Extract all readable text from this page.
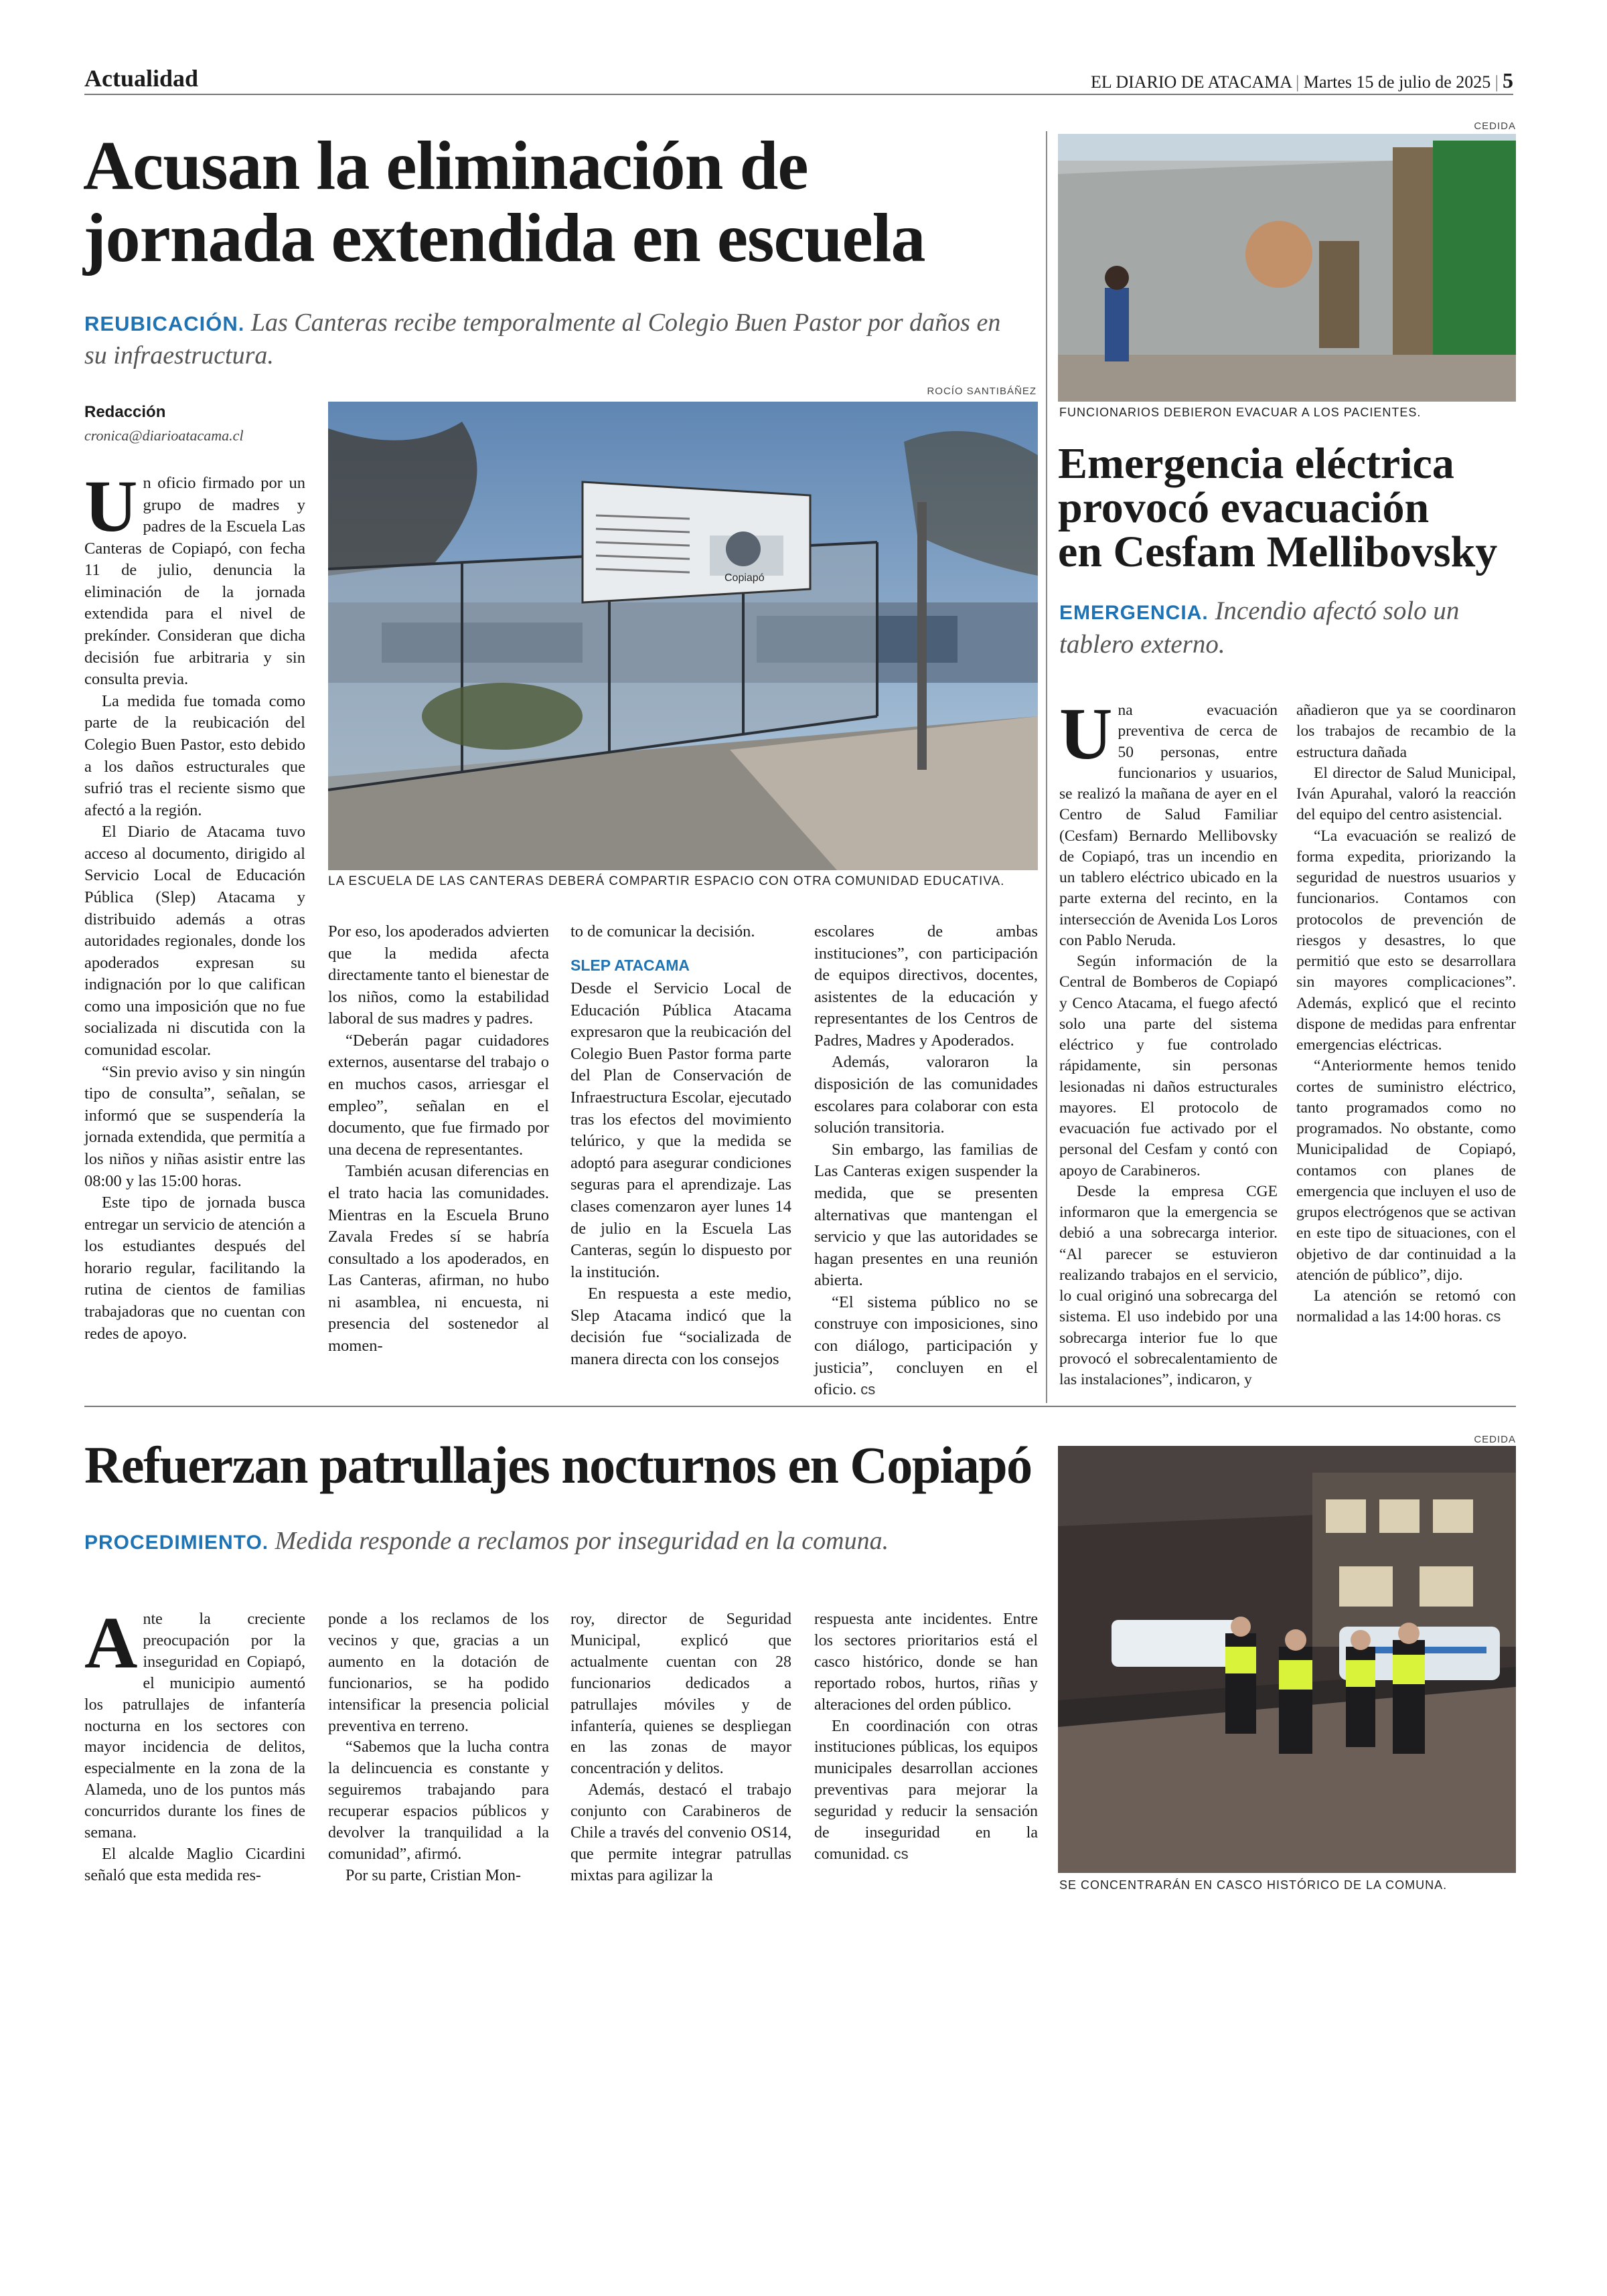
Actualidad	EL DIARIO DE ATACAMA | Martes 15 de julio de 2025 | 5
Acusan la eliminación de
jornada extendida en escuela
REUBICACIÓN. Las Canteras recibe temporalmente al Colegio Buen Pastor por daños en su infraestructura.
Redacción
cronica@diarioatacama.cl
ROCÍO SANTIBÁÑEZ
Copiapó
LA ESCUELA DE LAS CANTERAS DEBERÁ COMPARTIR ESPACIO CON OTRA COMUNIDAD EDUCATIVA.

Un oficio firmado por un grupo de madres y padres de la Escuela Las Canteras de Copiapó, con fecha 11 de julio, denuncia la eliminación de la jornada extendida para el nivel de prekínder. Consideran que dicha decisión fue arbitraria y sin consulta previa.

La medida fue tomada como parte de la reubicación del Colegio Buen Pastor, esto debido a los daños estructurales que sufrió tras el reciente sismo que afectó a la región.

El Diario de Atacama tuvo acceso al documento, dirigido al Servicio Local de Educación Pública (Slep) Atacama y distribuido además a otras autoridades regionales, donde los apoderados expresan su indignación por lo que califican como una imposición que no fue socializada ni discutida con la comunidad escolar.

“Sin previo aviso y sin ningún tipo de consulta”, señalan, se informó que se suspendería la jornada extendida, que permitía a los niños y niñas asistir entre las 08:00 y las 15:00 horas.

Este tipo de jornada busca entregar un servicio de atención a los estudiantes después del horario regular, facilitando la rutina de cientos de familias trabajadoras que no cuentan con redes de apoyo.

Por eso, los apoderados advierten que la medida afecta directamente tanto el bienestar de los niños, como la estabilidad laboral de sus madres y padres.

“Deberán pagar cuidadores externos, ausentarse del trabajo o en muchos casos, arriesgar el empleo”, señalan en el documento, que fue firmado por una decena de representantes.

También acusan diferencias en el trato hacia las comunidades. Mientras en la Escuela Bruno Zavala Fredes sí se habría consultado a los apoderados, en Las Canteras, afirman, no hubo ni asamblea, ni encuesta, ni presencia del sostenedor al momen-

to de comunicar la decisión.

SLEP ATACAMA

Desde el Servicio Local de Educación Pública Atacama expresaron que la reubicación del Colegio Buen Pastor forma parte del Plan de Conservación de Infraestructura Escolar, ejecutado tras los efectos del movimiento telúrico, y que la medida se adoptó para asegurar condiciones seguras para el aprendizaje. Las clases comenzaron ayer lunes 14 de julio en la Escuela Las Canteras, según lo dispuesto por la institución.

En respuesta a este medio, Slep Atacama indicó que la decisión fue “socializada de manera directa con los consejos

escolares de ambas instituciones”, con participación de equipos directivos, docentes, asistentes de la educación y representantes de los Centros de Padres, Madres y Apoderados.

Además, valoraron la disposición de las comunidades escolares para colaborar con esta solución transitoria.

Sin embargo, las familias de Las Canteras exigen suspender la medida, que se presenten alternativas que mantengan el servicio y que las autoridades se hagan presentes en una reunión abierta.

“El sistema público no se construye con imposiciones, sino con diálogo, participación y justicia”, concluyen en el oficio. cs

CEDIDA
FUNCIONARIOS DEBIERON EVACUAR A LOS PACIENTES.
Emergencia eléctrica
provocó evacuación
en Cesfam Mellibovsky
EMERGENCIA. Incendio afectó solo un tablero externo.

Una evacuación preventiva de cerca de 50 personas, entre funcionarios y usuarios, se realizó la mañana de ayer en el Centro de Salud Familiar (Cesfam) Bernardo Mellibovsky de Copiapó, tras un incendio en un tablero eléctrico ubicado en la parte externa del recinto, en la intersección de Avenida Los Loros con Pablo Neruda.

Según información de la Central de Bomberos de Copiapó y Cenco Atacama, el fuego afectó solo una parte del sistema eléctrico y fue controlado rápidamente, sin personas lesionadas ni daños estructurales mayores. El protocolo de evacuación fue activado por el personal del Cesfam y contó con apoyo de Carabineros.

Desde la empresa CGE informaron que la emergencia se debió a una sobrecarga interior. “Al parecer se estuvieron realizando trabajos en el servicio, lo cual originó una sobrecarga del sistema. El uso indebido por una sobrecarga interior fue lo que provocó el sobrecalentamiento de las instalaciones”, indicaron, y

añadieron que ya se coordinaron los trabajos de recambio de la estructura dañada

El director de Salud Municipal, Iván Apurahal, valoró la reacción del equipo del centro asistencial.

“La evacuación se realizó de forma expedita, priorizando la seguridad de nuestros usuarios y funcionarios. Contamos con protocolos de prevención de riesgos y desastres, lo que permitió que esto se desarrollara sin mayores complicaciones”. Además, explicó que el recinto dispone de medidas para enfrentar emergencias eléctricas.

“Anteriormente hemos tenido cortes de suministro eléctrico, tanto programados como no programados. No obstante, como Municipalidad de Copiapó, contamos con planes de emergencia que incluyen el uso de grupos electrógenos que se activan en este tipo de situaciones, con el objetivo de dar continuidad a la atención de público”, dijo.

La atención se retomó con normalidad a las 14:00 horas. cs

Refuerzan patrullajes nocturnos en Copiapó
PROCEDIMIENTO. Medida responde a reclamos por inseguridad en la comuna.

Ante la creciente preocupación por la inseguridad en Copiapó, el municipio aumentó los patrullajes de infantería nocturna en los sectores con mayor incidencia de delitos, especialmente en la zona de la Alameda, uno de los puntos más concurridos durante los fines de semana.

El alcalde Maglio Cicardini señaló que esta medida res-

ponde a los reclamos de los vecinos y que, gracias a un aumento en la dotación de funcionarios, se ha podido intensificar la presencia policial preventiva en terreno.

“Sabemos que la lucha contra la delincuencia es constante y seguiremos trabajando para recuperar espacios públicos y devolver la tranquilidad a la comunidad”, afirmó.

Por su parte, Cristian Mon-

roy, director de Seguridad Municipal, explicó que actualmente cuentan con 28 funcionarios dedicados a patrullajes móviles y de infantería, quienes se despliegan en las zonas de mayor concentración y delitos.

Además, destacó el trabajo conjunto con Carabineros de Chile a través del convenio OS14, que permite integrar patrullas mixtas para agilizar la

respuesta ante incidentes. Entre los sectores prioritarios está el casco histórico, donde se han reportado robos, hurtos, riñas y alteraciones del orden público.

En coordinación con otras instituciones públicas, los equipos municipales desarrollan acciones preventivas para mejorar la seguridad y reducir la sensación de inseguridad en la comunidad. cs

CEDIDA
SE CONCENTRARÁN EN CASCO HISTÓRICO DE LA COMUNA.
